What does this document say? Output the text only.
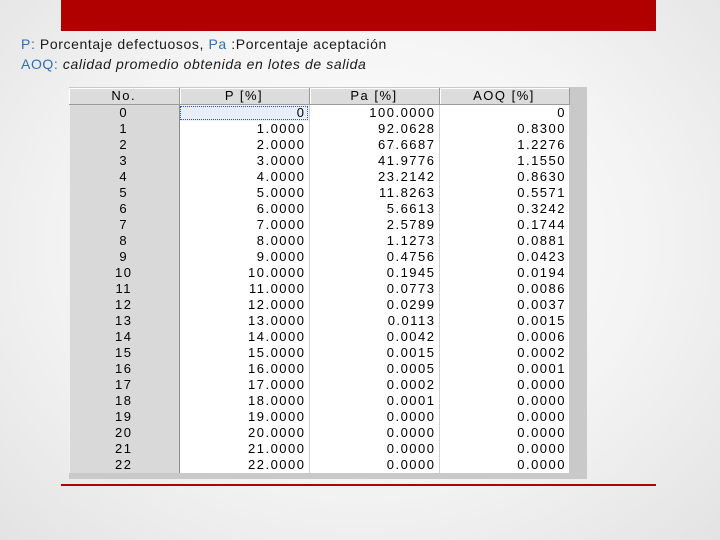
P: Porcentaje defectuosos, Pa :Porcentaje aceptación
AOQ: calidad promedio obtenida en lotes de salida
No.	P [%]	Pa [%]	AOQ [%]
0	0	100.0000	0
1	1.0000	92.0628	0.8300
2	2.0000	67.6687	1.2276
3	3.0000	41.9776	1.1550
4	4.0000	23.2142	0.8630
5	5.0000	11.8263	0.5571
6	6.0000	5.6613	0.3242
7	7.0000	2.5789	0.1744
8	8.0000	1.1273	0.0881
9	9.0000	0.4756	0.0423
10	10.0000	0.1945	0.0194
11	11.0000	0.0773	0.0086
12	12.0000	0.0299	0.0037
13	13.0000	0.0113	0.0015
14	14.0000	0.0042	0.0006
15	15.0000	0.0015	0.0002
16	16.0000	0.0005	0.0001
17	17.0000	0.0002	0.0000
18	18.0000	0.0001	0.0000
19	19.0000	0.0000	0.0000
20	20.0000	0.0000	0.0000
21	21.0000	0.0000	0.0000
22	22.0000	0.0000	0.0000
